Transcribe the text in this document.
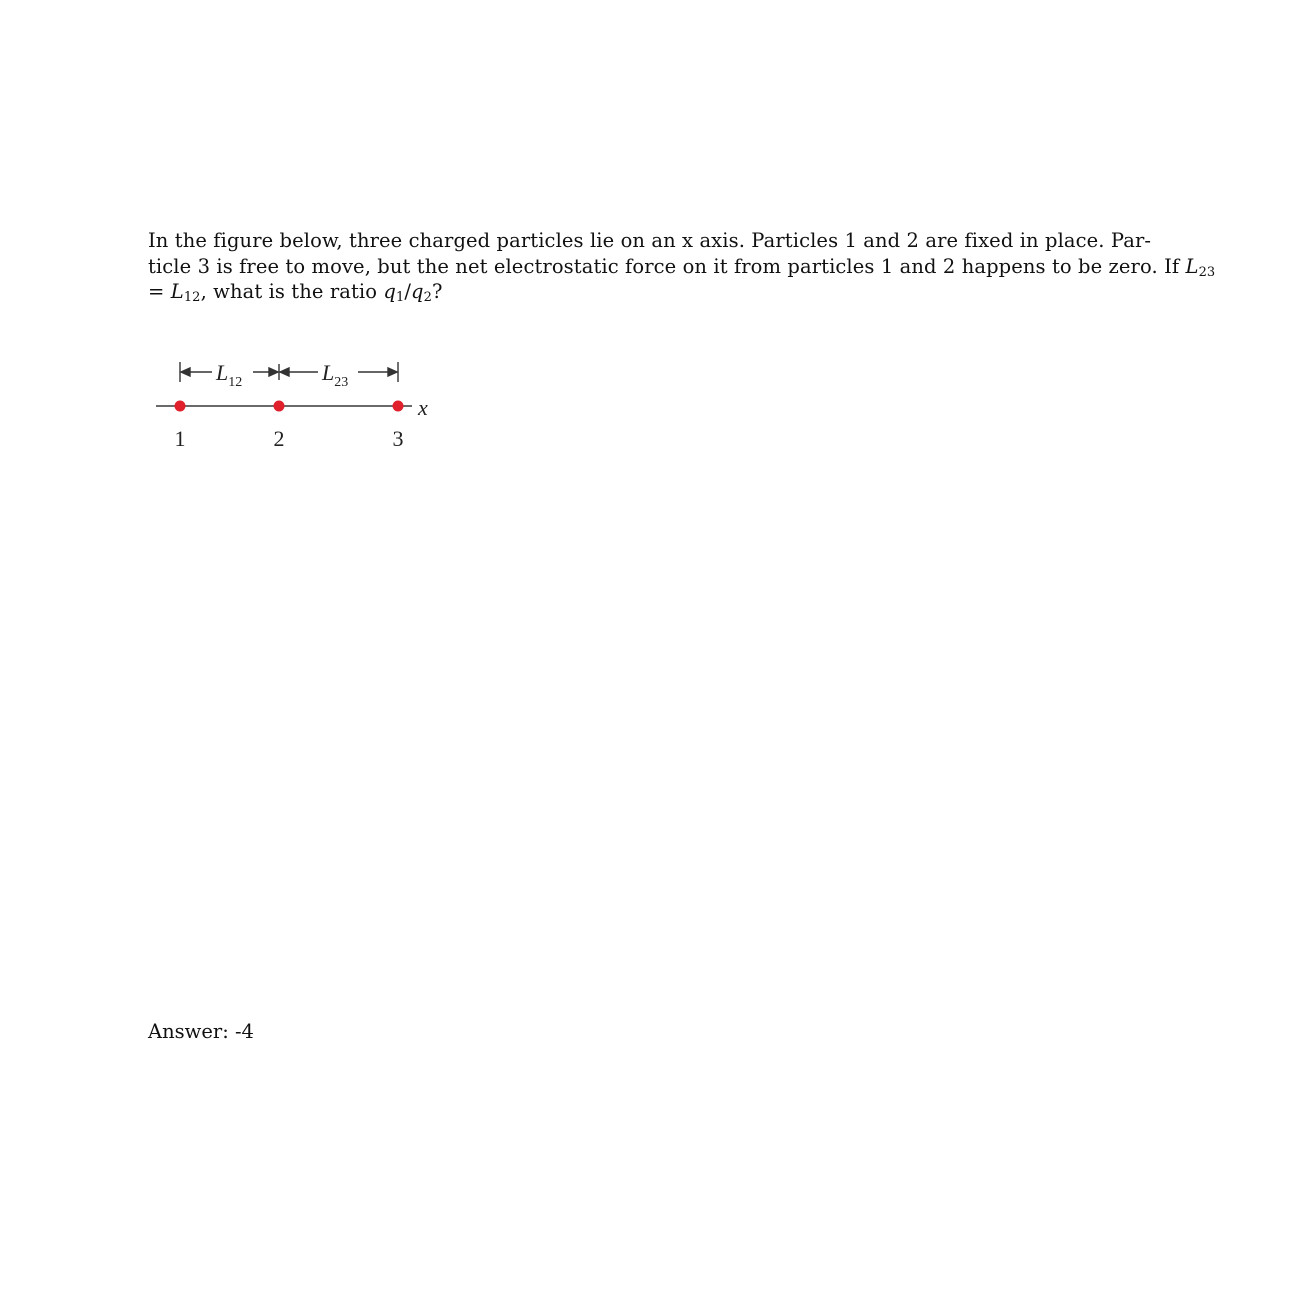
In the figure below, three charged particles lie on an x axis. Particles 1 and 2 are fixed in place. Par-
ticle 3 is free to move, but the net electrostatic force on it from particles 1 and 2 happens to be zero. If $L_{23}$
= $L_{12}$, what is the ratio $q_1/q_2$?
$L_{12}$	$L_{23}$
x
1	2	3
Answer: -4
